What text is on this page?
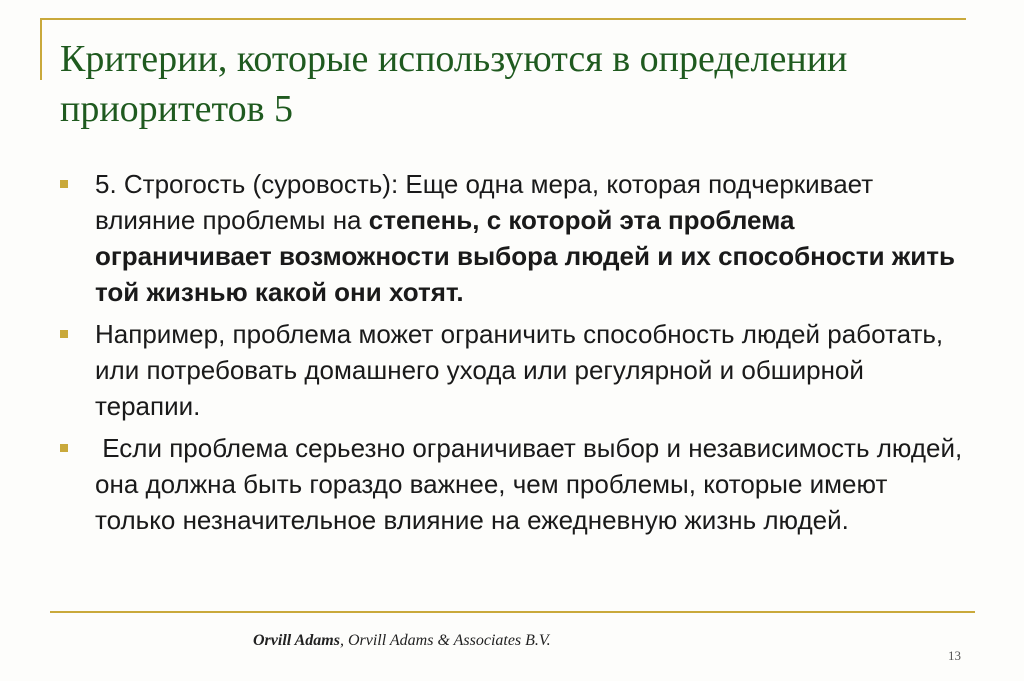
Критерии, которые используются в определении приоритетов 5
5. Строгость (суровость): Еще одна мера, которая подчеркивает влияние проблемы на степень, с которой эта проблема ограничивает возможности выбора людей и их способности жить той жизнью какой они хотят.
Например, проблема может ограничить способность людей работать, или потребовать домашнего ухода или регулярной и обширной терапии.
Если проблема серьезно ограничивает выбор и независимость людей, она должна быть гораздо важнее, чем проблемы, которые имеют только незначительное влияние на ежедневную жизнь людей.
Orvill Adams, Orvill Adams & Associates B.V.
13
